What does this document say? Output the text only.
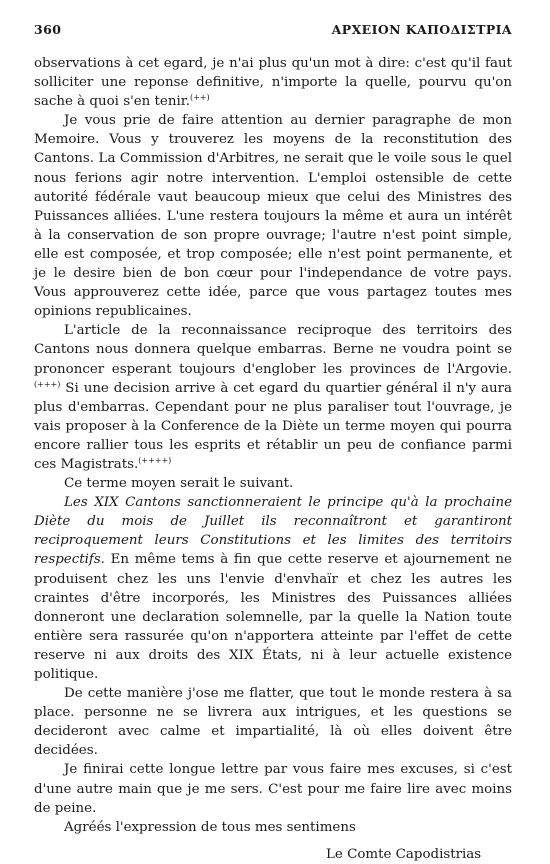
360	ΑΡΧΕΙΟΝ ΚΑΠΟΔΙΣΤΡΙΑ

observations à cet egard, je n'ai plus qu'un mot à dire: c'est qu'il faut solliciter une reponse definitive, n'importe la quelle, pourvu qu'on sache à quoi s'en tenir.(++)

Je vous prie de faire attention au dernier paragraphe de mon Memoire. Vous y trouverez les moyens de la reconstitution des Cantons. La Commission d'Arbitres, ne serait que le voile sous le quel nous ferions agir notre intervention. L'emploi ostensible de cette autorité fédérale vaut beaucoup mieux que celui des Ministres des Puissances alliées. L'une restera toujours la même et aura un intérêt à la conservation de son propre ouvrage; l'autre n'est point simple, elle est composée, et trop composée; elle n'est point permanente, et je le desire bien de bon cœur pour l'independance de votre pays. Vous approuverez cette idée, parce que vous partagez toutes mes opinions republicaines.

L'article de la reconnaissance reciproque des territoirs des Cantons nous donnera quelque embarras. Berne ne voudra point se prononcer esperant toujours d'englober les provinces de l'Argovie.(+++) Si une decision arrive à cet egard du quartier général il n'y aura plus d'embarras. Cependant pour ne plus paraliser tout l'ouvrage, je vais proposer à la Conference de la Diète un terme moyen qui pourra encore rallier tous les esprits et rétablir un peu de confiance parmi ces Magistrats.(++++)

Ce terme moyen serait le suivant.

Les XIX Cantons sanctionneraient le principe qu'à la prochaine Diète du mois de Juillet ils reconnaîtront et garantiront reciproquement leurs Constitutions et les limites des territoirs respectifs. En même tems à fin que cette reserve et ajournement ne produisent chez les uns l'envie d'envhaïr et chez les autres les craintes d'être incorporés, les Ministres des Puissances alliées donneront une declaration solemnelle, par la quelle la Nation toute entière sera rassurée qu'on n'apportera atteinte par l'effet de cette reserve ni aux droits des XIX États, ni à leur actuelle existence politique.

De cette manière j'ose me flatter, que tout le monde restera à sa place. personne ne se livrera aux intrigues, et les questions se decideront avec calme et impartialité, là où elles doivent être decidées.

Je finirai cette longue lettre par vous faire mes excuses, si c'est d'une autre main que je me sers. C'est pour me faire lire avec moins de peine.

Agréés l'expression de tous mes sentimens

Le Comte Capodistrias
